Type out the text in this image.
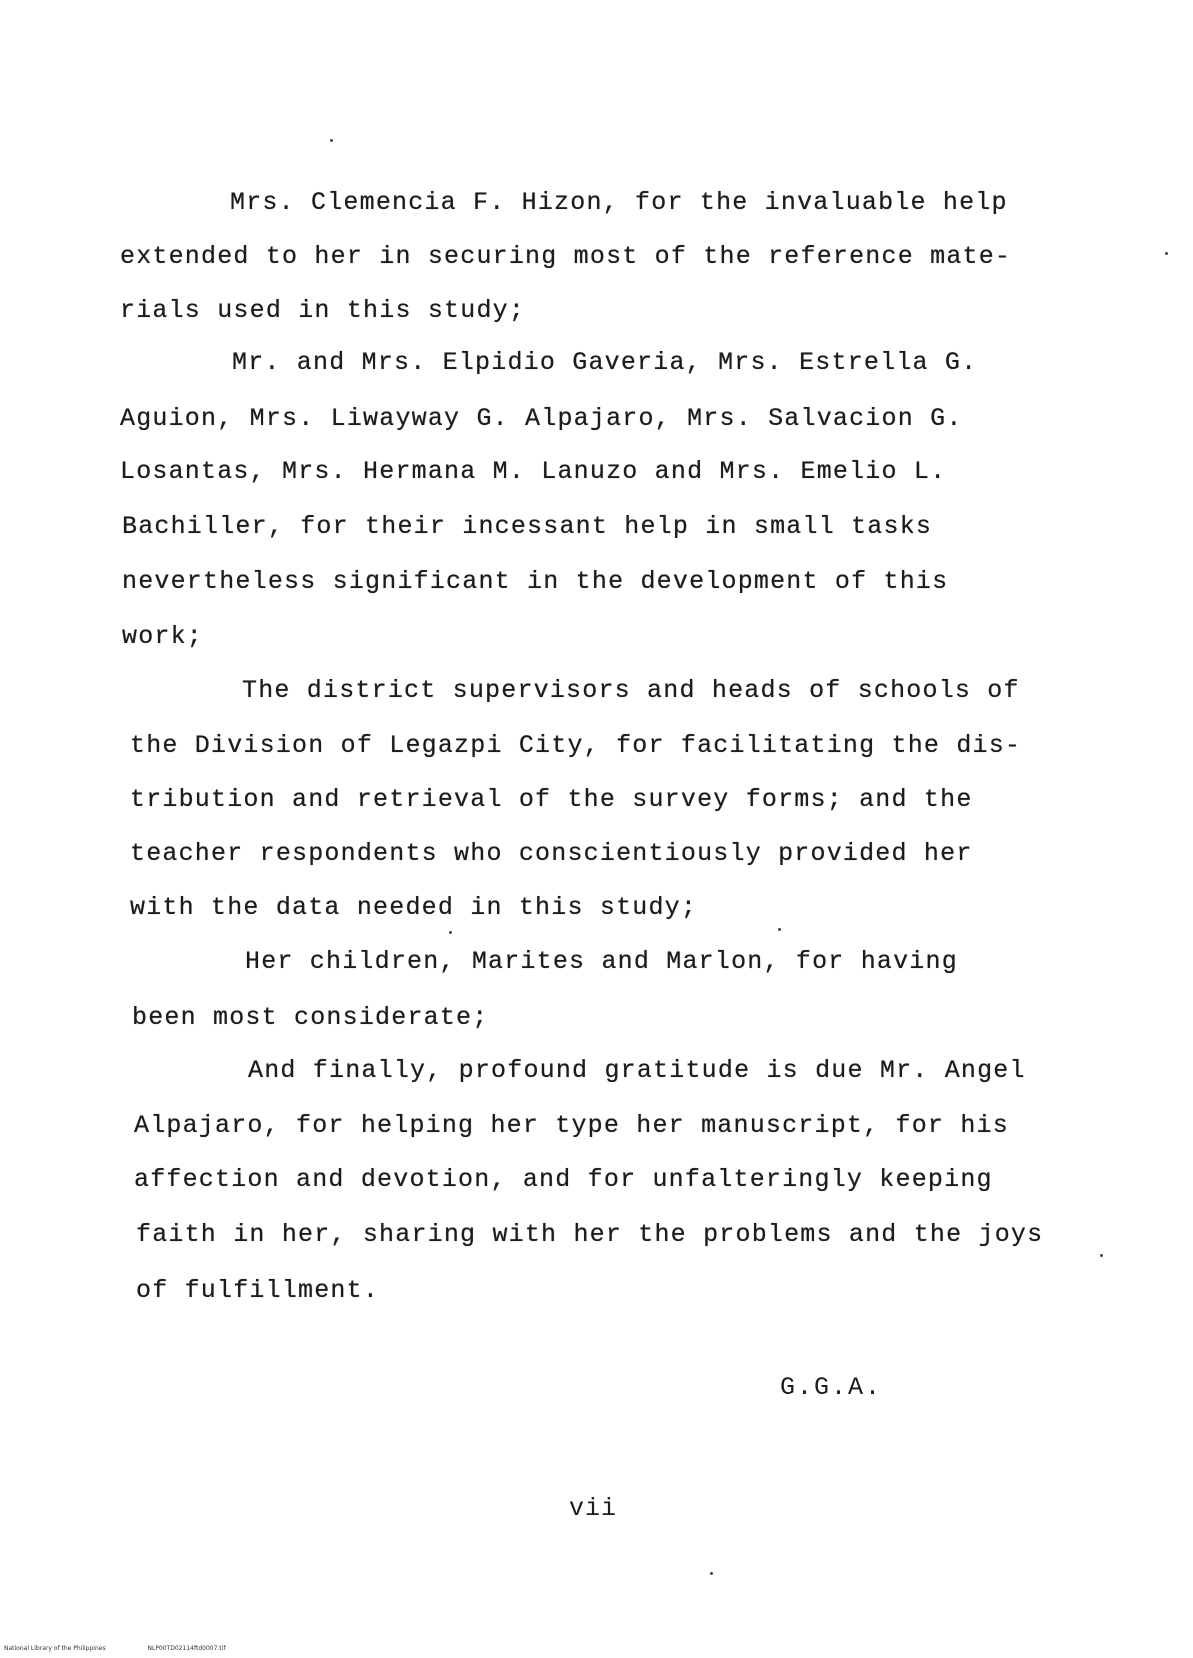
Mrs. Clemencia F. Hizon, for the invaluable help
extended to her in securing most of the reference mate-
rials used in this study;
Mr. and Mrs. Elpidio Gaveria, Mrs. Estrella G.
Aguion, Mrs. Liwayway G. Alpajaro, Mrs. Salvacion G.
Losantas, Mrs. Hermana M. Lanuzo and Mrs. Emelio L.
Bachiller, for their incessant help in small tasks
nevertheless significant in the development of this
work;
The district supervisors and heads of schools of
the Division of Legazpi City, for facilitating the dis-
tribution and retrieval of the survey forms; and the
teacher respondents who conscientiously provided her
with the data needed in this study;
Her children, Marites and Marlon, for having
been most considerate;
And finally, profound gratitude is due Mr. Angel
Alpajaro, for helping her type her manuscript, for his
affection and devotion, and for unfalteringly keeping
faith in her, sharing with her the problems and the joys
of fulfillment.
G.G.A.
vii
National Library of the Philippines	NLP00TD02114ftd0007.tif
